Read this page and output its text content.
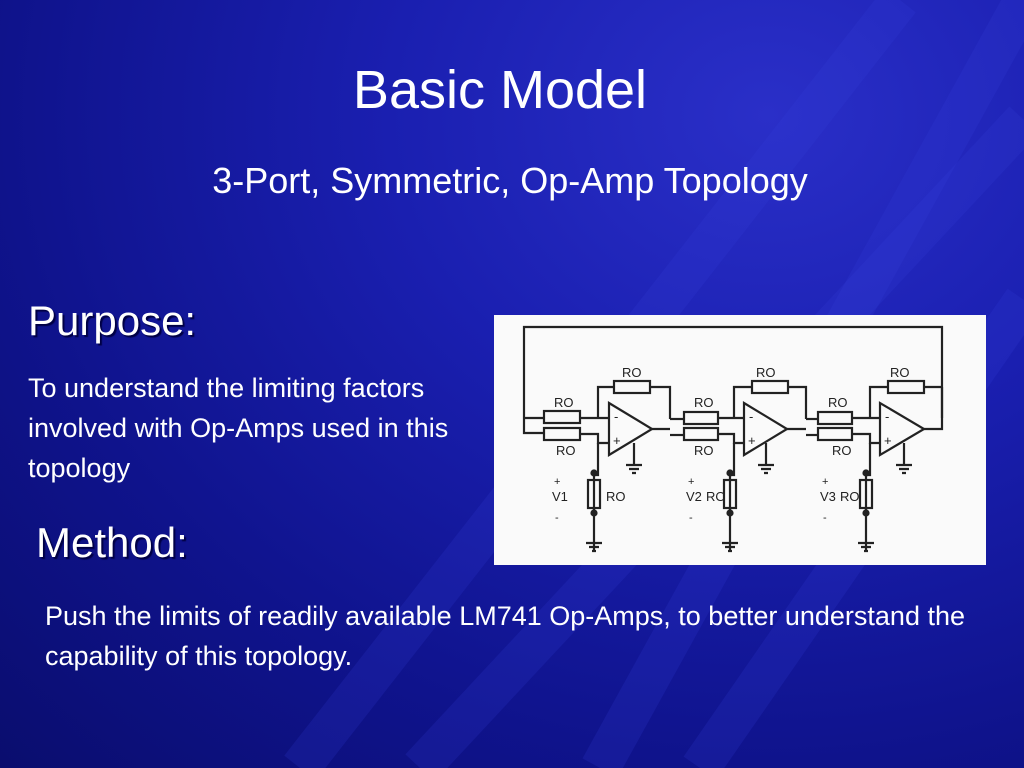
Basic Model
3-Port, Symmetric, Op-Amp Topology
Purpose:
To understand the limiting factors involved with Op-Amps used in this topology
RO
RO
RO
RO
RO
RO
RO
RO
RO
RO	RO	RO
V1	V2	V3
-
+
-
+
-
+
+
-
+
-
+
-
Method:
Push the limits of readily available LM741 Op-Amps, to better understand the capability of this topology.
